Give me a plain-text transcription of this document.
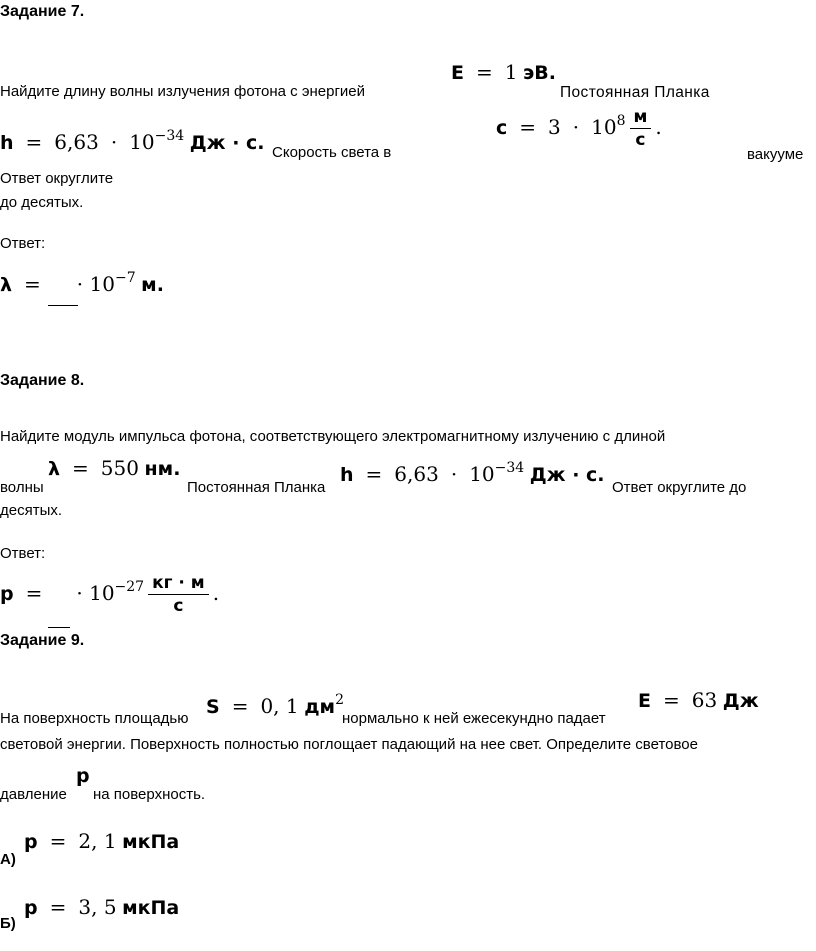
Задание 7.
Найдите длину волны излучения фотона с энергией
E = 1 эВ.
Постоянная Планка
$h = 6,63 \cdot 10^{-34}$ Дж · с. Скорость света в
$c = 3 \cdot 10^8 \frac{м}{с}$ .
вакууме
Ответ округлите
до десятых.
Ответ:
λ = · $10^{-7}$ м.
Задание 8.
Найдите модуль импульса фотона, соответствующего электромагнитному излучению с длиной
волны
λ = 550 нм.
Постоянная Планка
$h = 6,63 \cdot 10^{-34}$ Дж · с.
Ответ округлите до
десятых.
Ответ:
p = · $10^{-27} \frac{кг \cdot м}{с}$ .
Задание 9.
На поверхность площадью
S = 0, 1 $дм^2$
нормально к ней ежесекундно падает
E = 63 Дж
световой энергии. Поверхность полностью поглощает падающий на нее свет. Определите световое
давление
p
на поверхность.
А)
p = 2, 1 мкПа
Б)
p = 3, 5 мкПа
